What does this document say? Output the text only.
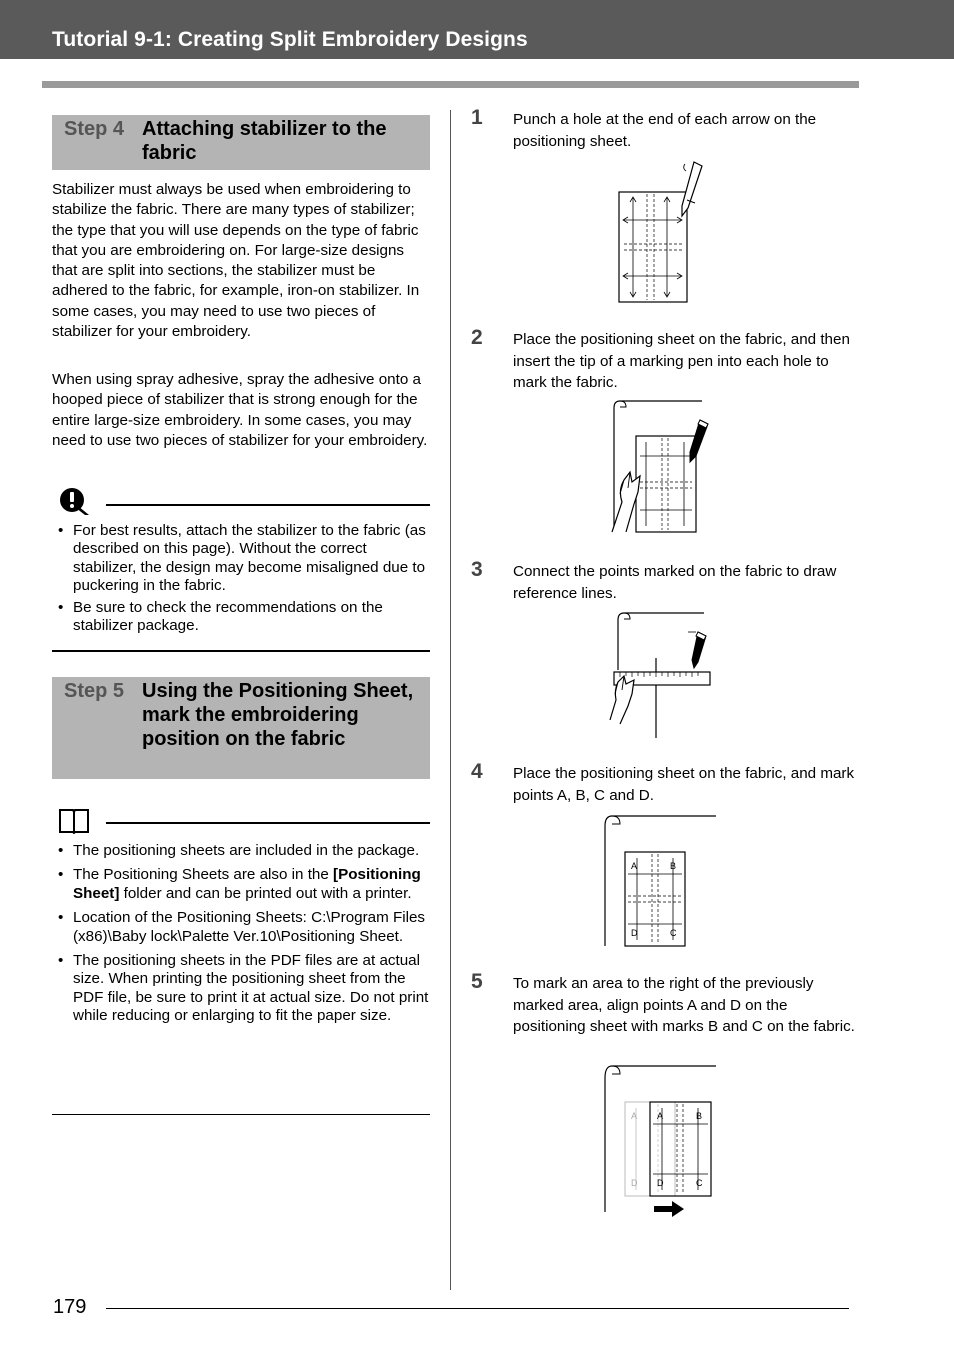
Tutorial 9-1: Creating Split Embroidery Designs
Step 4 Attaching stabilizer to the fabric

Stabilizer must always be used when embroidering to stabilize the fabric. There are many types of stabilizer; the type that you will use depends on the type of fabric that you are embroidering on. For large-size designs that are split into sections, the stabilizer must be adhered to the fabric, for example, iron-on stabilizer. In some cases, you may need to use two pieces of stabilizer for your embroidery.

When using spray adhesive, spray the adhesive onto a hooped piece of stabilizer that is strong enough for the entire large-size embroidery. In some cases, you may need to use two pieces of stabilizer for your embroidery.

• For best results, attach the stabilizer to the fabric (as described on this page). Without the correct stabilizer, the design may become misaligned due to puckering in the fabric.
• Be sure to check the recommendations on the stabilizer package.
Step 5 Using the Positioning Sheet, mark the embroidering position on the fabric
• The positioning sheets are included in the package.
• The Positioning Sheets are also in the [Positioning Sheet] folder and can be printed out with a printer.
• Location of the Positioning Sheets: C:\Program Files (x86)\Baby lock\Palette Ver.10\Positioning Sheet.
• The positioning sheets in the PDF files are at actual size. When printing the positioning sheet from the PDF file, be sure to print it at actual size. Do not print while reducing or enlarging to fit the paper size.
1 Punch a hole at the end of each arrow on the positioning sheet.
2 Place the positioning sheet on the fabric, and then insert the tip of a marking pen into each hole to mark the fabric.
3 Connect the points marked on the fabric to draw reference lines.
4 Place the positioning sheet on the fabric, and mark points A, B, C and D.
A	B
D	C
5 To mark an area to the right of the previously marked area, align points A and D on the positioning sheet with marks B and C on the fabric.
A
D
A	B
D	C
179
